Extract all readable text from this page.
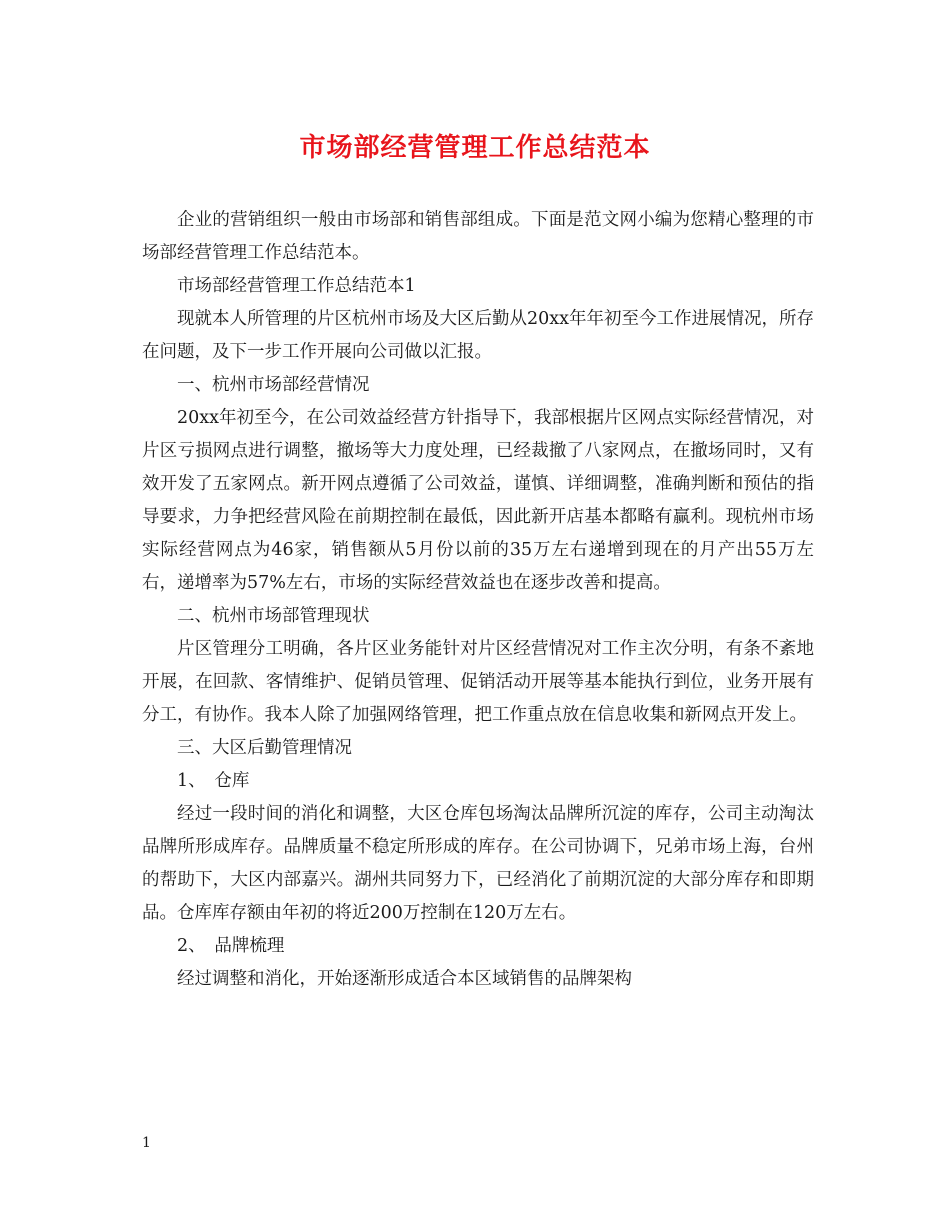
市场部经营管理工作总结范本

企业的营销组织一般由市场部和销售部组成。下面是范文网小编为您精心整理的市场部经营管理工作总结范本。

市场部经营管理工作总结范本1

现就本人所管理的片区杭州市场及大区后勤从20xx年年初至今工作进展情况，所存在问题，及下一步工作开展向公司做以汇报。

一、杭州市场部经营情况

20xx年初至今，在公司效益经营方针指导下，我部根据片区网点实际经营情况，对片区亏损网点进行调整，撤场等大力度处理，已经裁撤了八家网点，在撤场同时，又有效开发了五家网点。新开网点遵循了公司效益，谨慎、详细调整，准确判断和预估的指导要求，力争把经营风险在前期控制在最低，因此新开店基本都略有赢利。现杭州市场实际经营网点为46家，销售额从5月份以前的35万左右递增到现在的月产出55万左右，递增率为57%左右，市场的实际经营效益也在逐步改善和提高。

二、杭州市场部管理现状

片区管理分工明确，各片区业务能针对片区经营情况对工作主次分明，有条不紊地开展，在回款、客情维护、促销员管理、促销活动开展等基本能执行到位，业务开展有分工，有协作。我本人除了加强网络管理，把工作重点放在信息收集和新网点开发上。

三、大区后勤管理情况

1、　仓库

经过一段时间的消化和调整，大区仓库包场淘汰品牌所沉淀的库存，公司主动淘汰品牌所形成库存。品牌质量不稳定所形成的库存。在公司协调下，兄弟市场上海，台州的帮助下，大区内部嘉兴。湖州共同努力下，已经消化了前期沉淀的大部分库存和即期品。仓库库存额由年初的将近200万控制在120万左右。

2、　品牌梳理

经过调整和消化，开始逐渐形成适合本区域销售的品牌架构

1
